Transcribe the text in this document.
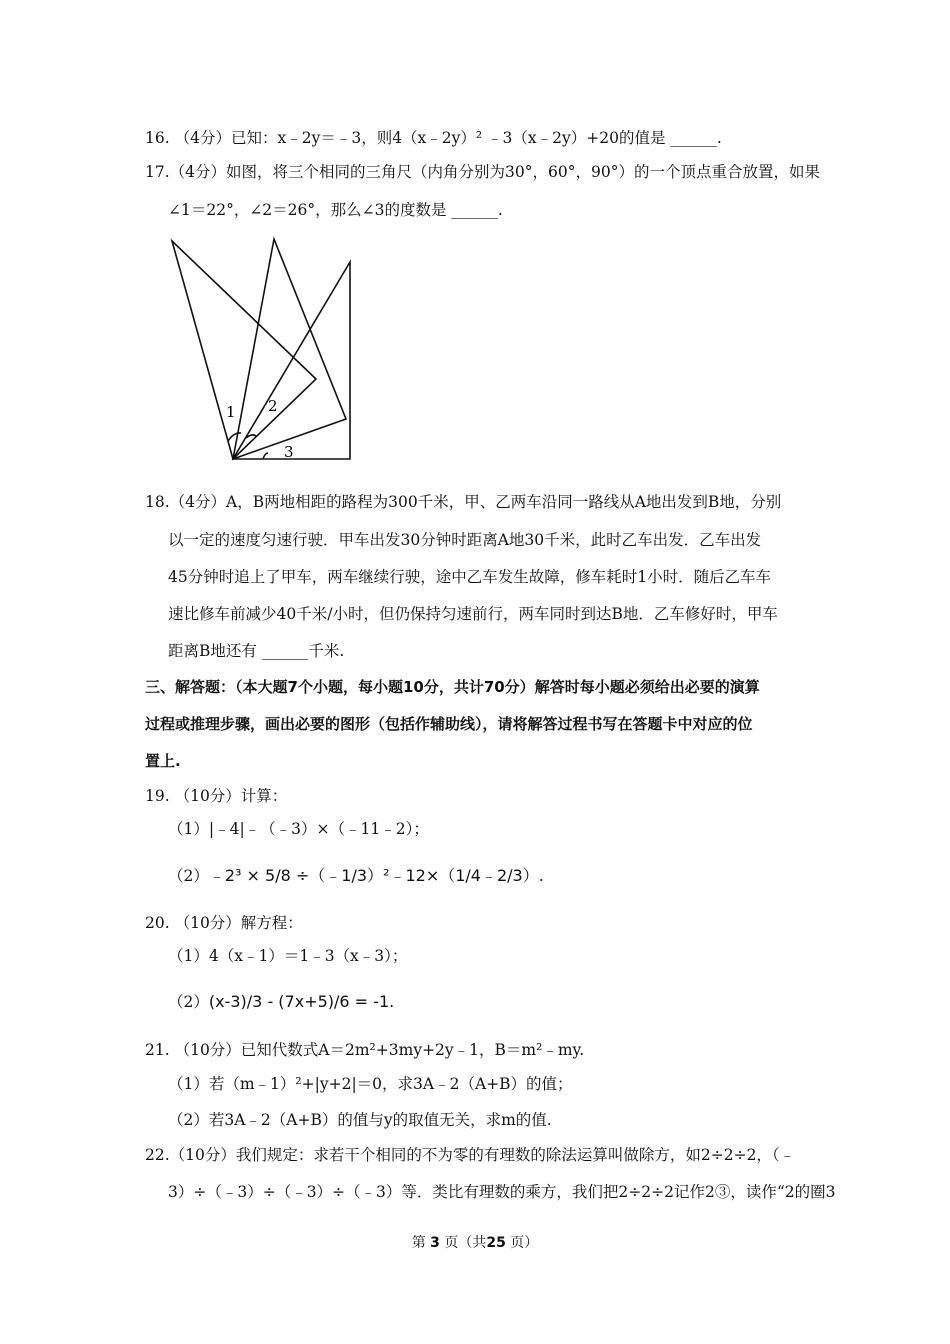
16. （4分）已知：x﹣2y＝﹣3，则4（x﹣2y）² ﹣3（x﹣2y）+20的值是 ______.
17.（4分）如图，将三个相同的三角尺（内角分别为30°，60°，90°）的一个顶点重合放置，如果
∠1＝22°，∠2＝26°，那么∠3的度数是 ______.
1 2
3
18.（4分）A，B两地相距的路程为300千米，甲、乙两车沿同一路线从A地出发到B地，分别
以一定的速度匀速行驶．甲车出发30分钟时距离A地30千米，此时乙车出发．乙车出发
45分钟时追上了甲车，两车继续行驶，途中乙车发生故障，修车耗时1小时．随后乙车车
速比修车前减少40千米/小时，但仍保持匀速前行，两车同时到达B地．乙车修好时，甲车
距离B地还有 ______千米.
三、解答题：（本大题7个小题，每小题10分，共计70分）解答时每小题必须给出必要的演算
过程或推理步骤，画出必要的图形（包括作辅助线），请将解答过程书写在答题卡中对应的位
置上.
19. （10分）计算：
（1）|﹣4|﹣（﹣3）×（﹣11﹣2）；
（2）﹣2³ × 5/8 ÷（﹣1/3）²﹣12×（1/4﹣2/3）.
20. （10分）解方程：
（1）4（x﹣1）＝1﹣3（x﹣3）；
（2）(x-3)/3 - (7x+5)/6 = -1.
21. （10分）已知代数式A＝2m²+3my+2y﹣1，B＝m²﹣my.
（1）若（m﹣1）²+|y+2|＝0，求3A﹣2（A+B）的值；
（2）若3A﹣2（A+B）的值与y的取值无关，求m的值.
22.（10分）我们规定：求若干个相同的不为零的有理数的除法运算叫做除方，如2÷2÷2，（﹣
3）÷（﹣3）÷（﹣3）÷（﹣3）等．类比有理数的乘方，我们把2÷2÷2记作2③，读作“2的圈3
第 3 页（共25 页）
